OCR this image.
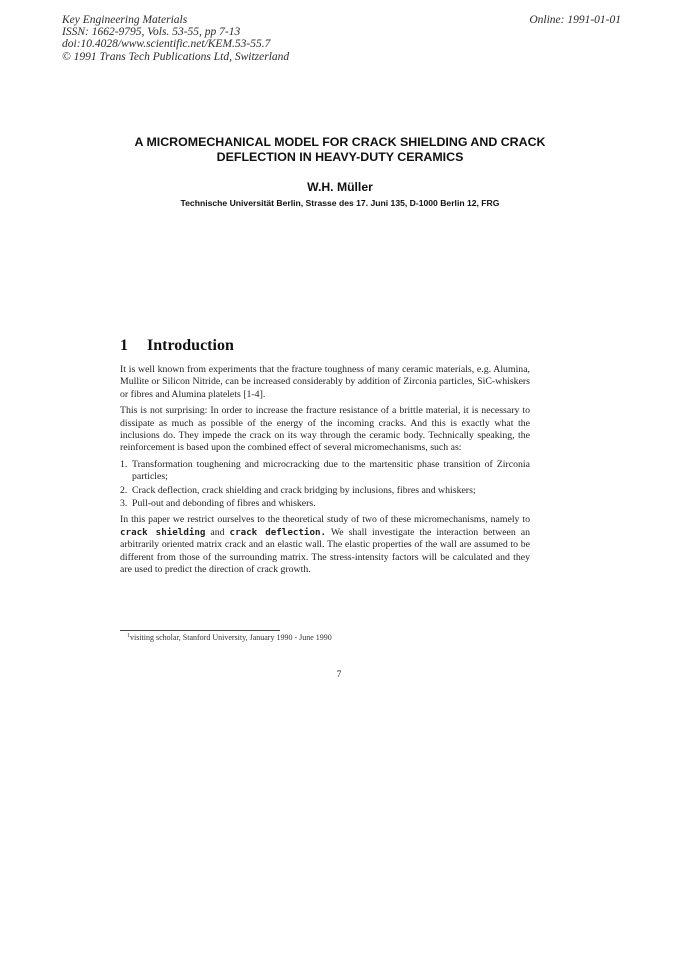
Key Engineering Materials
ISSN: 1662-9795, Vols. 53-55, pp 7-13
doi:10.4028/www.scientific.net/KEM.53-55.7
© 1991 Trans Tech Publications Ltd, Switzerland
Online: 1991-01-01
A MICROMECHANICAL MODEL FOR CRACK SHIELDING AND CRACK
DEFLECTION IN HEAVY-DUTY CERAMICS
W.H. Müller
Technische Universität Berlin, Strasse des 17. Juni 135, D-1000 Berlin 12, FRG
1 Introduction

It is well known from experiments that the fracture toughness of many ceramic materials, e.g. Alumina, Mullite or Silicon Nitride, can be increased considerably by addition of Zirconia particles, SiC-whiskers or fibres and Alumina platelets [1-4].

This is not surprising: In order to increase the fracture resistance of a brittle material, it is necessary to dissipate as much as possible of the energy of the incoming cracks. And this is exactly what the inclusions do. They impede the crack on its way through the ceramic body. Technically speaking, the reinforcement is based upon the combined effect of several micromechanisms, such as:

1. Transformation toughening and microcracking due to the martensitic phase transition of Zirconia particles;
2. Crack deflection, crack shielding and crack bridging by inclusions, fibres and whiskers;
3. Pull-out and debonding of fibres and whiskers.

In this paper we restrict ourselves to the theoretical study of two of these micromechanisms, namely to crack shielding and crack deflection. We shall investigate the interaction between an arbitrarily oriented matrix crack and an elastic wall. The elastic properties of the wall are assumed to be different from those of the surrounding matrix. The stress-intensity factors will be calculated and they are used to predict the direction of crack growth.

$^1$visiting scholar, Stanford University, January 1990 - June 1990
7
